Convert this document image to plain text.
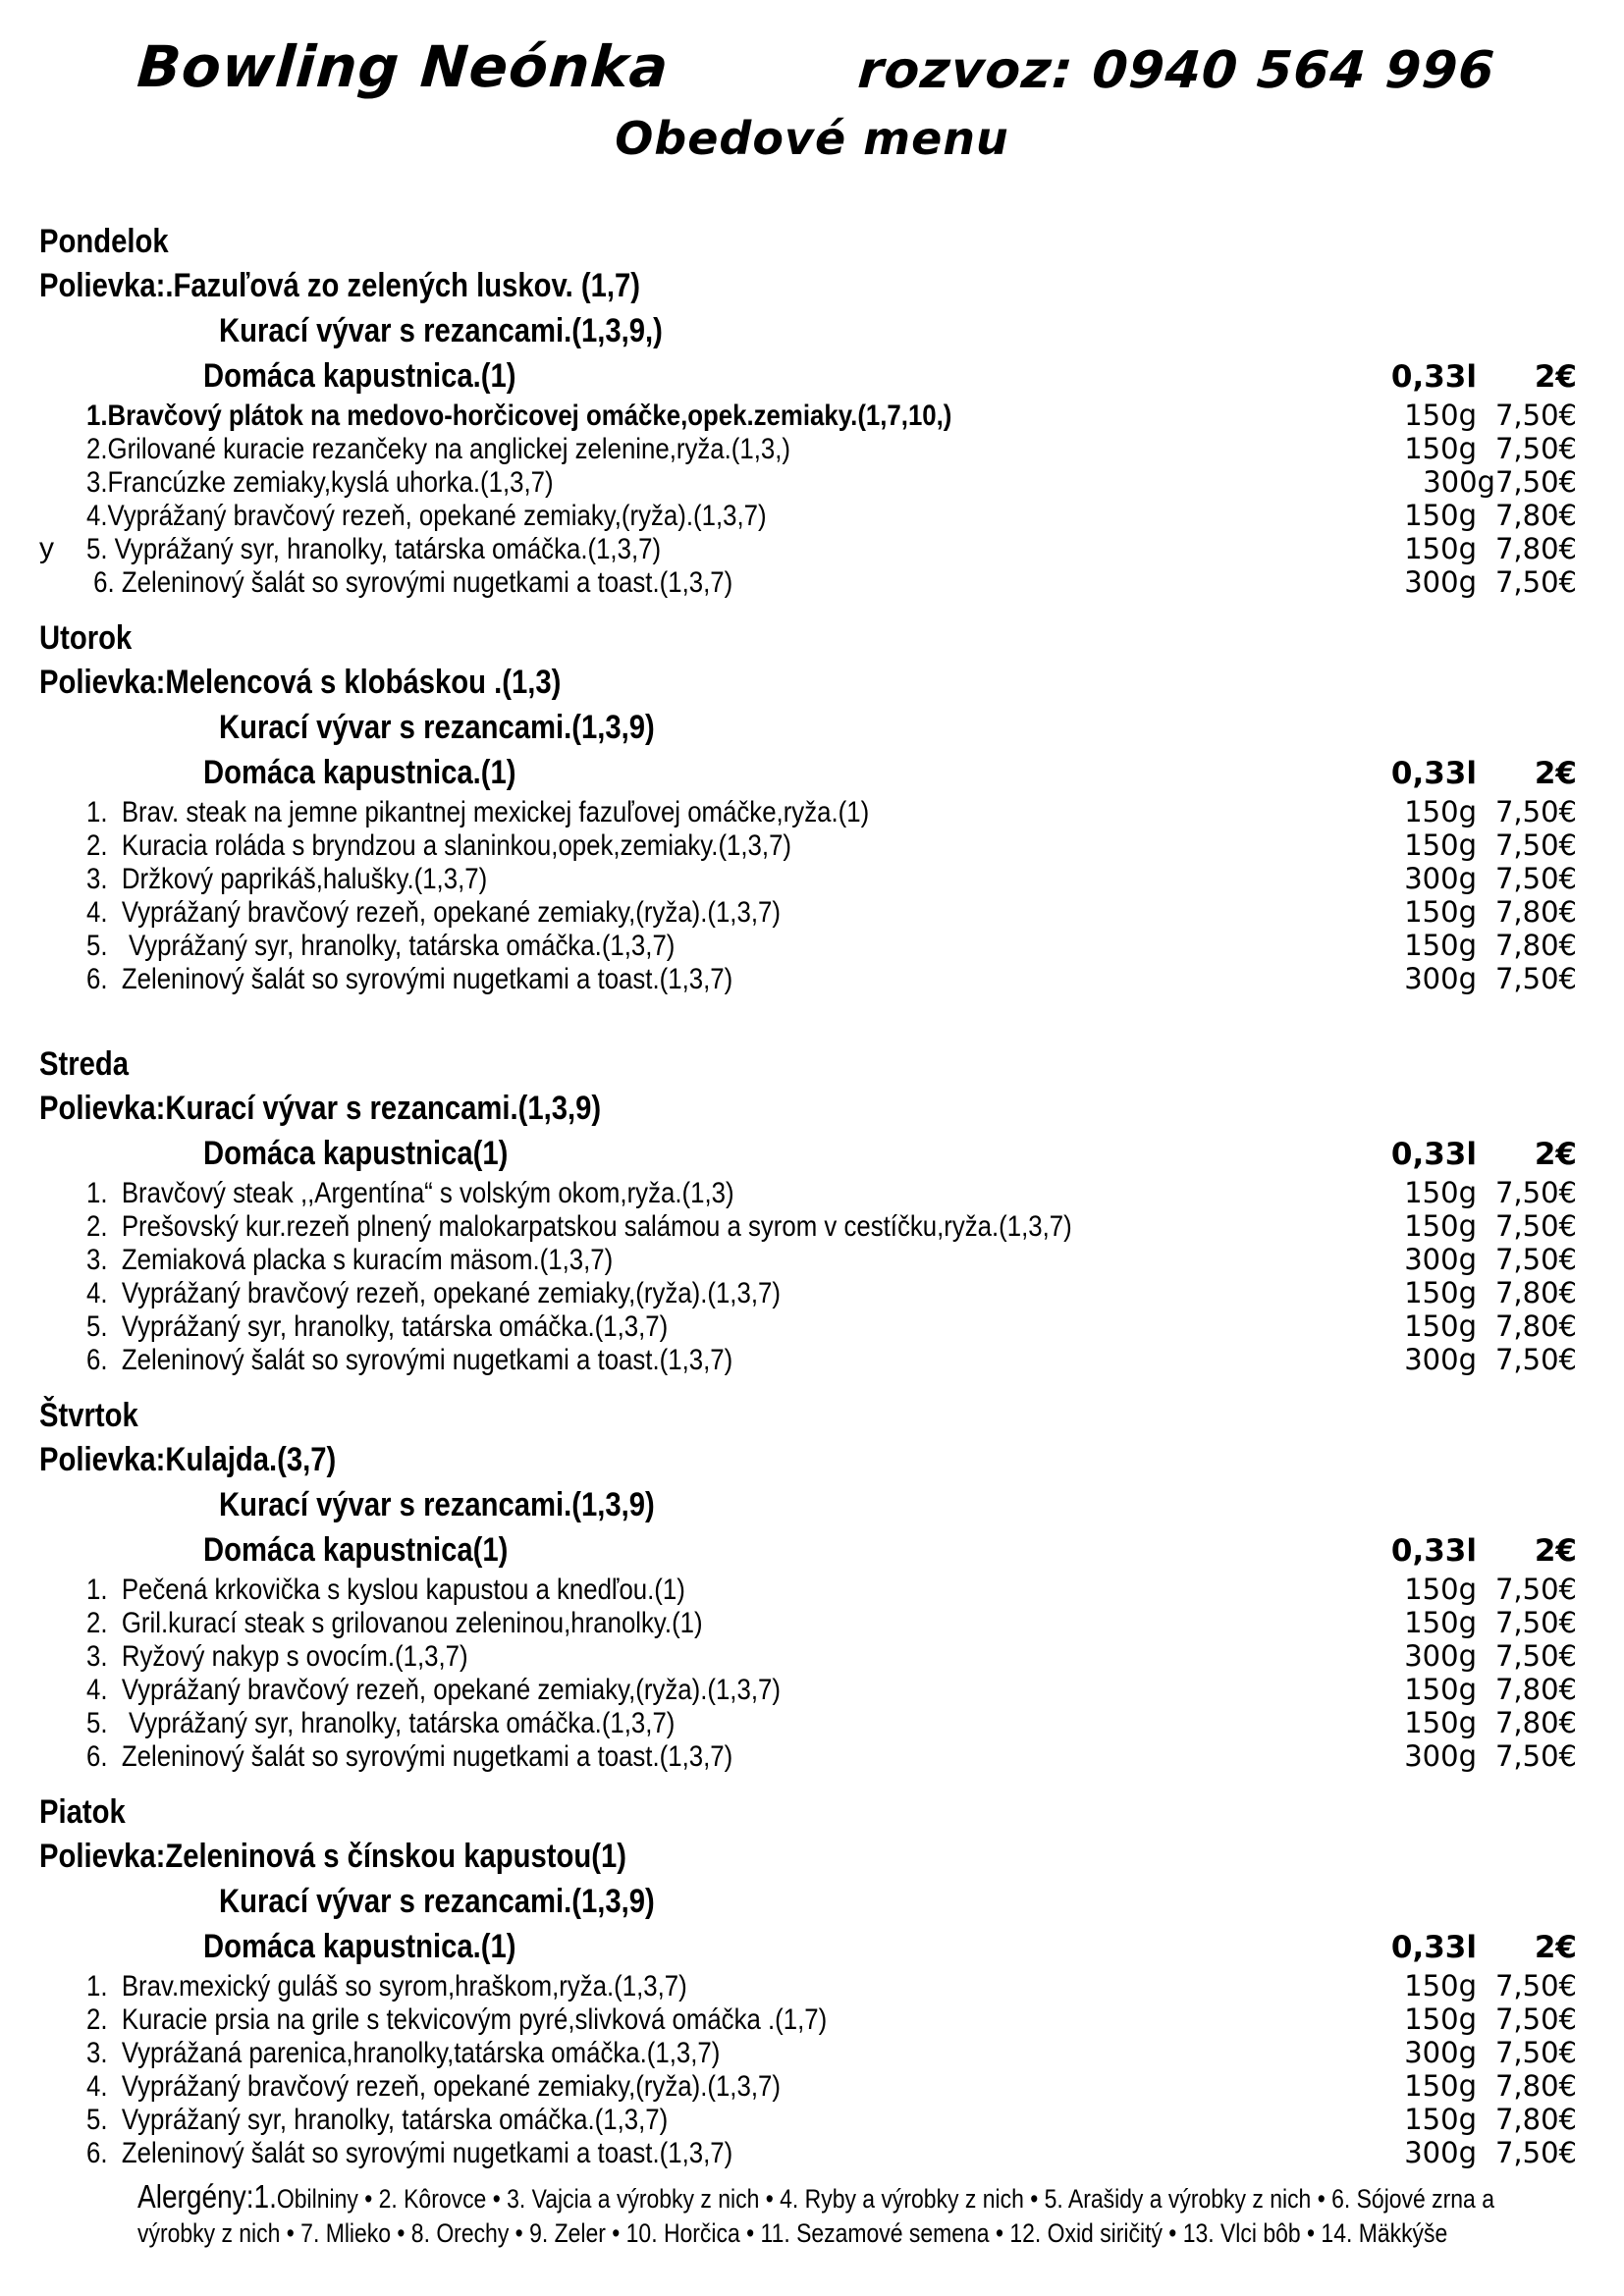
Bowling Neónka	rozvoz: 0940 564 996
Obedové menu
Pondelok
Polievka:.Fazuľová zo zelených luskov. (1,7)
Kurací vývar s rezancami.(1,3,9,)
Domáca kapustnica.(1)	0,33l	2€
1.Bravčový plátok na medovo-horčicovej omáčke,opek.zemiaky.(1,7,10,)	150g 7,50€
2.Grilované kuracie rezančeky na anglickej zelenine,ryža.(1,3,)	150g 7,50€
3.Francúzke zemiaky,kyslá uhorka.(1,3,7)	300g 7,50€
4.Vyprážaný bravčový rezeň, opekané zemiaky,(ryža).(1,3,7)	150g 7,80€
y 5. Vyprážaný syr, hranolky, tatárska omáčka.(1,3,7)	150g 7,80€
6. Zeleninový šalát so syrovými nugetkami a toast.(1,3,7)	300g 7,50€
Utorok
Polievka:Melencová s klobáskou .(1,3)
Kurací vývar s rezancami.(1,3,9)
Domáca kapustnica.(1)	0,33l	2€
1.  Brav. steak na jemne pikantnej mexickej fazuľovej omáčke,ryža.(1)	150g 7,50€
2.  Kuracia roláda s bryndzou a slaninkou,opek,zemiaky.(1,3,7)	150g 7,50€
3.  Držkový paprikáš,halušky.(1,3,7)	300g 7,50€
4.  Vyprážaný bravčový rezeň, opekané zemiaky,(ryža).(1,3,7)	150g 7,80€
5.   Vyprážaný syr, hranolky, tatárska omáčka.(1,3,7)	150g 7,80€
6.  Zeleninový šalát so syrovými nugetkami a toast.(1,3,7)	300g 7,50€
Streda
Polievka:Kurací vývar s rezancami.(1,3,9)
Domáca kapustnica(1)	0,33l	2€
1.  Bravčový steak ,,Argentína“ s volským okom,ryža.(1,3)	150g 7,50€
2.  Prešovský kur.rezeň plnený malokarpatskou salámou a syrom v cestíčku,ryža.(1,3,7)	150g 7,50€
3.  Zemiaková placka s kuracím mäsom.(1,3,7)	300g 7,50€
4.  Vyprážaný bravčový rezeň, opekané zemiaky,(ryža).(1,3,7)	150g 7,80€
5.  Vyprážaný syr, hranolky, tatárska omáčka.(1,3,7)	150g 7,80€
6.  Zeleninový šalát so syrovými nugetkami a toast.(1,3,7)	300g 7,50€
Štvrtok
Polievka:Kulajda.(3,7)
Kurací vývar s rezancami.(1,3,9)
Domáca kapustnica(1)	0,33l	2€
1.  Pečená krkovička s kyslou kapustou a knedľou.(1)	150g 7,50€
2.  Gril.kurací steak s grilovanou zeleninou,hranolky.(1)	150g 7,50€
3.  Ryžový nakyp s ovocím.(1,3,7)	300g 7,50€
4.  Vyprážaný bravčový rezeň, opekané zemiaky,(ryža).(1,3,7)	150g 7,80€
5.   Vyprážaný syr, hranolky, tatárska omáčka.(1,3,7)	150g 7,80€
6.  Zeleninový šalát so syrovými nugetkami a toast.(1,3,7)	300g 7,50€
Piatok
Polievka:Zeleninová s čínskou kapustou(1)
Kurací vývar s rezancami.(1,3,9)
Domáca kapustnica.(1)	0,33l	2€
1.  Brav.mexický guláš so syrom,hraškom,ryža.(1,3,7)	150g 7,50€
2.  Kuracie prsia na grile s tekvicovým pyré,slivková omáčka .(1,7)	150g 7,50€
3.  Vyprážaná parenica,hranolky,tatárska omáčka.(1,3,7)	300g 7,50€
4.  Vyprážaný bravčový rezeň, opekané zemiaky,(ryža).(1,3,7)	150g 7,80€
5.  Vyprážaný syr, hranolky, tatárska omáčka.(1,3,7)	150g 7,80€
6.  Zeleninový šalát so syrovými nugetkami a toast.(1,3,7)	300g 7,50€
Alergény:1.Obilniny • 2. Kôrovce • 3. Vajcia a výrobky z nich • 4. Ryby a výrobky z nich • 5. Arašidy a výrobky z nich • 6. Sójové zrna a výrobky z nich • 7. Mlieko • 8. Orechy • 9. Zeler • 10. Horčica • 11. Sezamové semena • 12. Oxid siričitý • 13. Vlci bôb • 14. Mäkkýše
